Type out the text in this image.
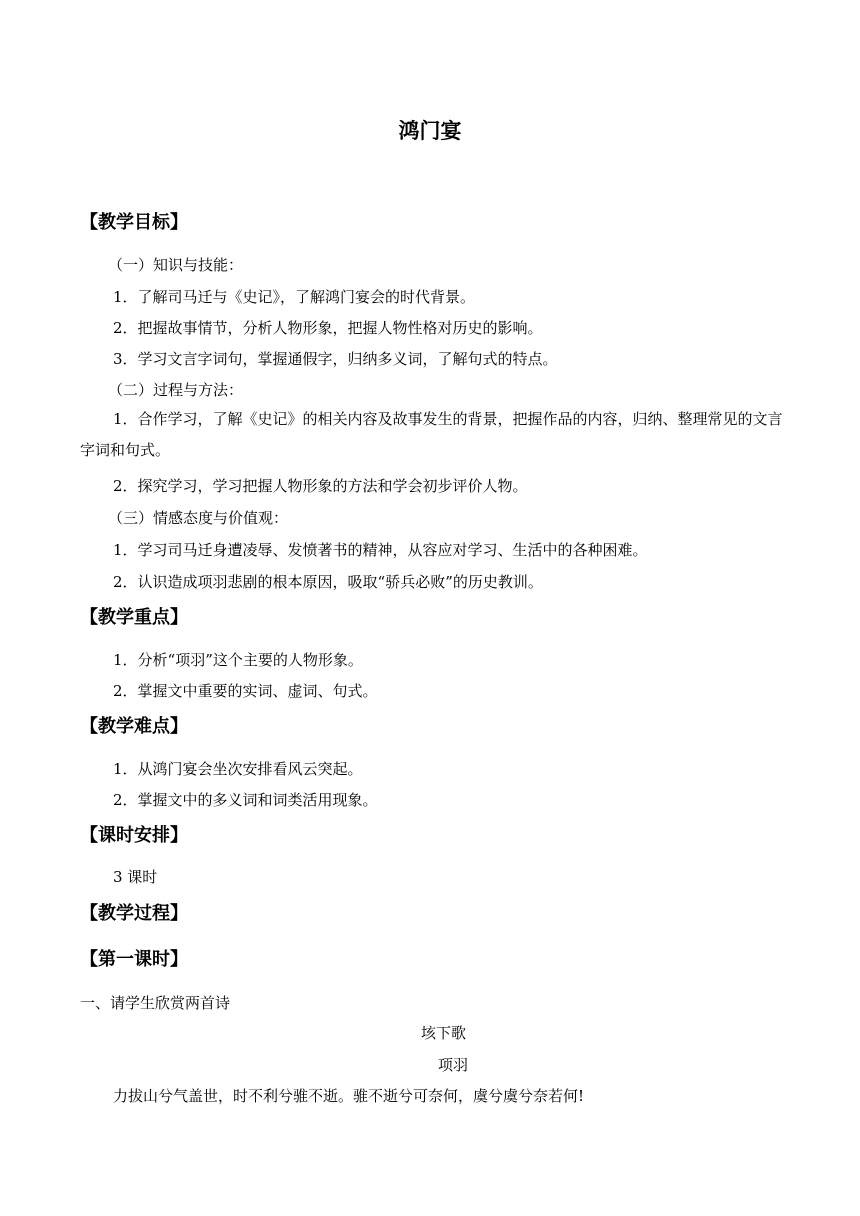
鸿门宴
【教学目标】
（一）知识与技能：
1．了解司马迁与《史记》，了解鸿门宴会的时代背景。
2．把握故事情节，分析人物形象，把握人物性格对历史的影响。
3．学习文言字词句，掌握通假字，归纳多义词，了解句式的特点。
（二）过程与方法：
1．合作学习，了解《史记》的相关内容及故事发生的背景，把握作品的内容，归纳、整理常见的文言字词和句式。
2．探究学习，学习把握人物形象的方法和学会初步评价人物。
（三）情感态度与价值观：
1．学习司马迁身遭凌辱、发愤著书的精神，从容应对学习、生活中的各种困难。
2．认识造成项羽悲剧的根本原因，吸取“骄兵必败”的历史教训。
【教学重点】
1．分析“项羽”这个主要的人物形象。
2．掌握文中重要的实词、虚词、句式。
【教学难点】
1．从鸿门宴会坐次安排看风云突起。
2．掌握文中的多义词和词类活用现象。
【课时安排】
3 课时
【教学过程】
【第一课时】
一、请学生欣赏两首诗
垓下歌
项羽
力拔山兮气盖世，时不利兮骓不逝。骓不逝兮可奈何，虞兮虞兮奈若何!
